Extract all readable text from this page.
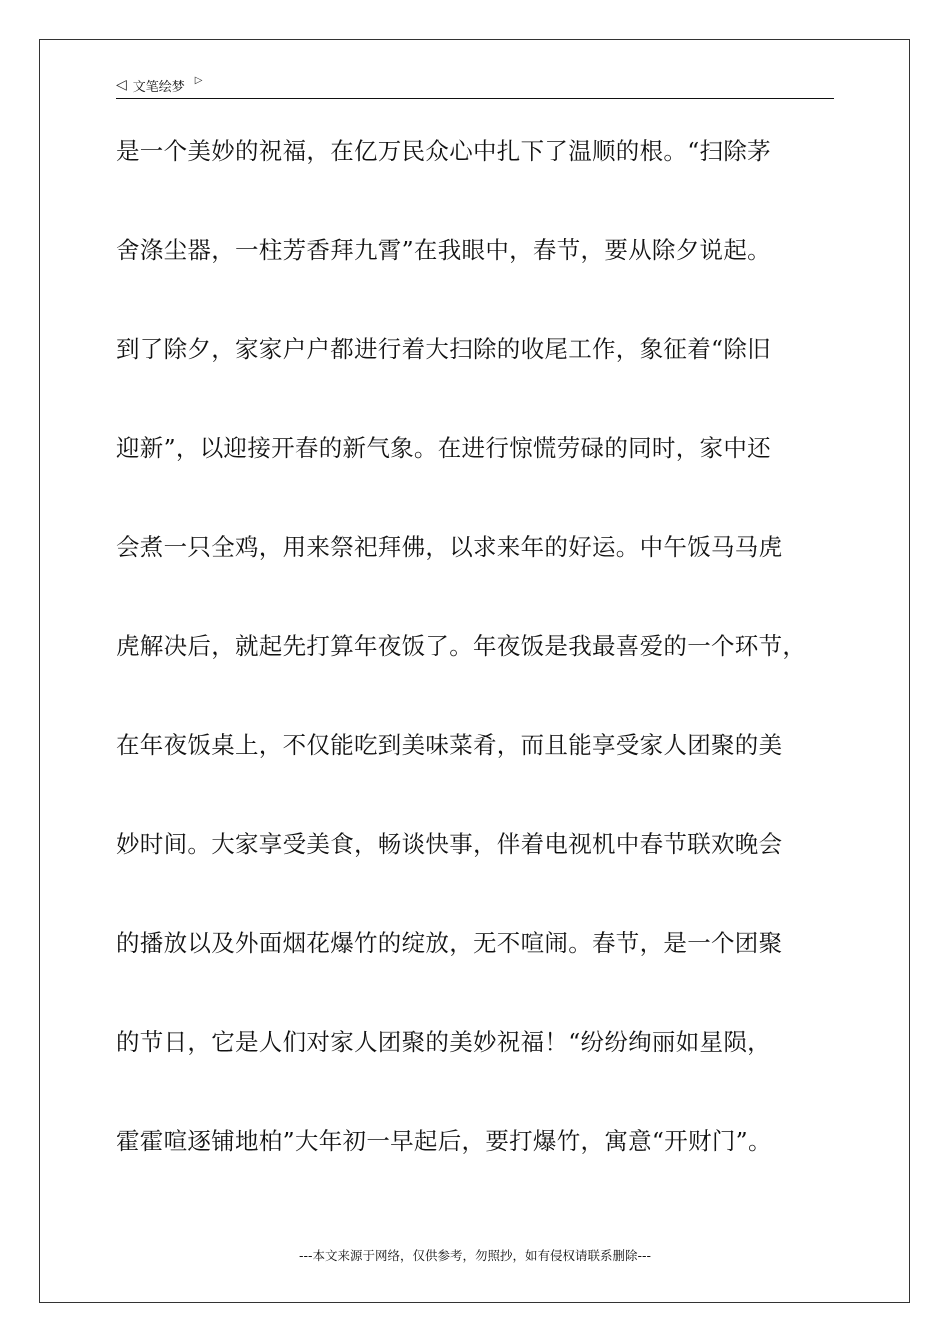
◁ 文笔绘梦 ▷
是一个美妙的祝福，在亿万民众心中扎下了温顺的根。“扫除茅
舍涤尘器，一柱芳香拜九霄”在我眼中，春节，要从除夕说起。
到了除夕，家家户户都进行着大扫除的收尾工作，象征着“除旧
迎新”，以迎接开春的新气象。在进行惊慌劳碌的同时，家中还
会煮一只全鸡，用来祭祀拜佛，以求来年的好运。中午饭马马虎
虎解决后，就起先打算年夜饭了。年夜饭是我最喜爱的一个环节，
在年夜饭桌上，不仅能吃到美味菜肴，而且能享受家人团聚的美
妙时间。大家享受美食，畅谈快事，伴着电视机中春节联欢晚会
的播放以及外面烟花爆竹的绽放，无不喧闹。春节，是一个团聚
的节日，它是人们对家人团聚的美妙祝福！“纷纷绚丽如星陨，
霍霍喧逐铺地柏”大年初一早起后，要打爆竹，寓意“开财门”。
---本文来源于网络，仅供参考，勿照抄，如有侵权请联系删除---
